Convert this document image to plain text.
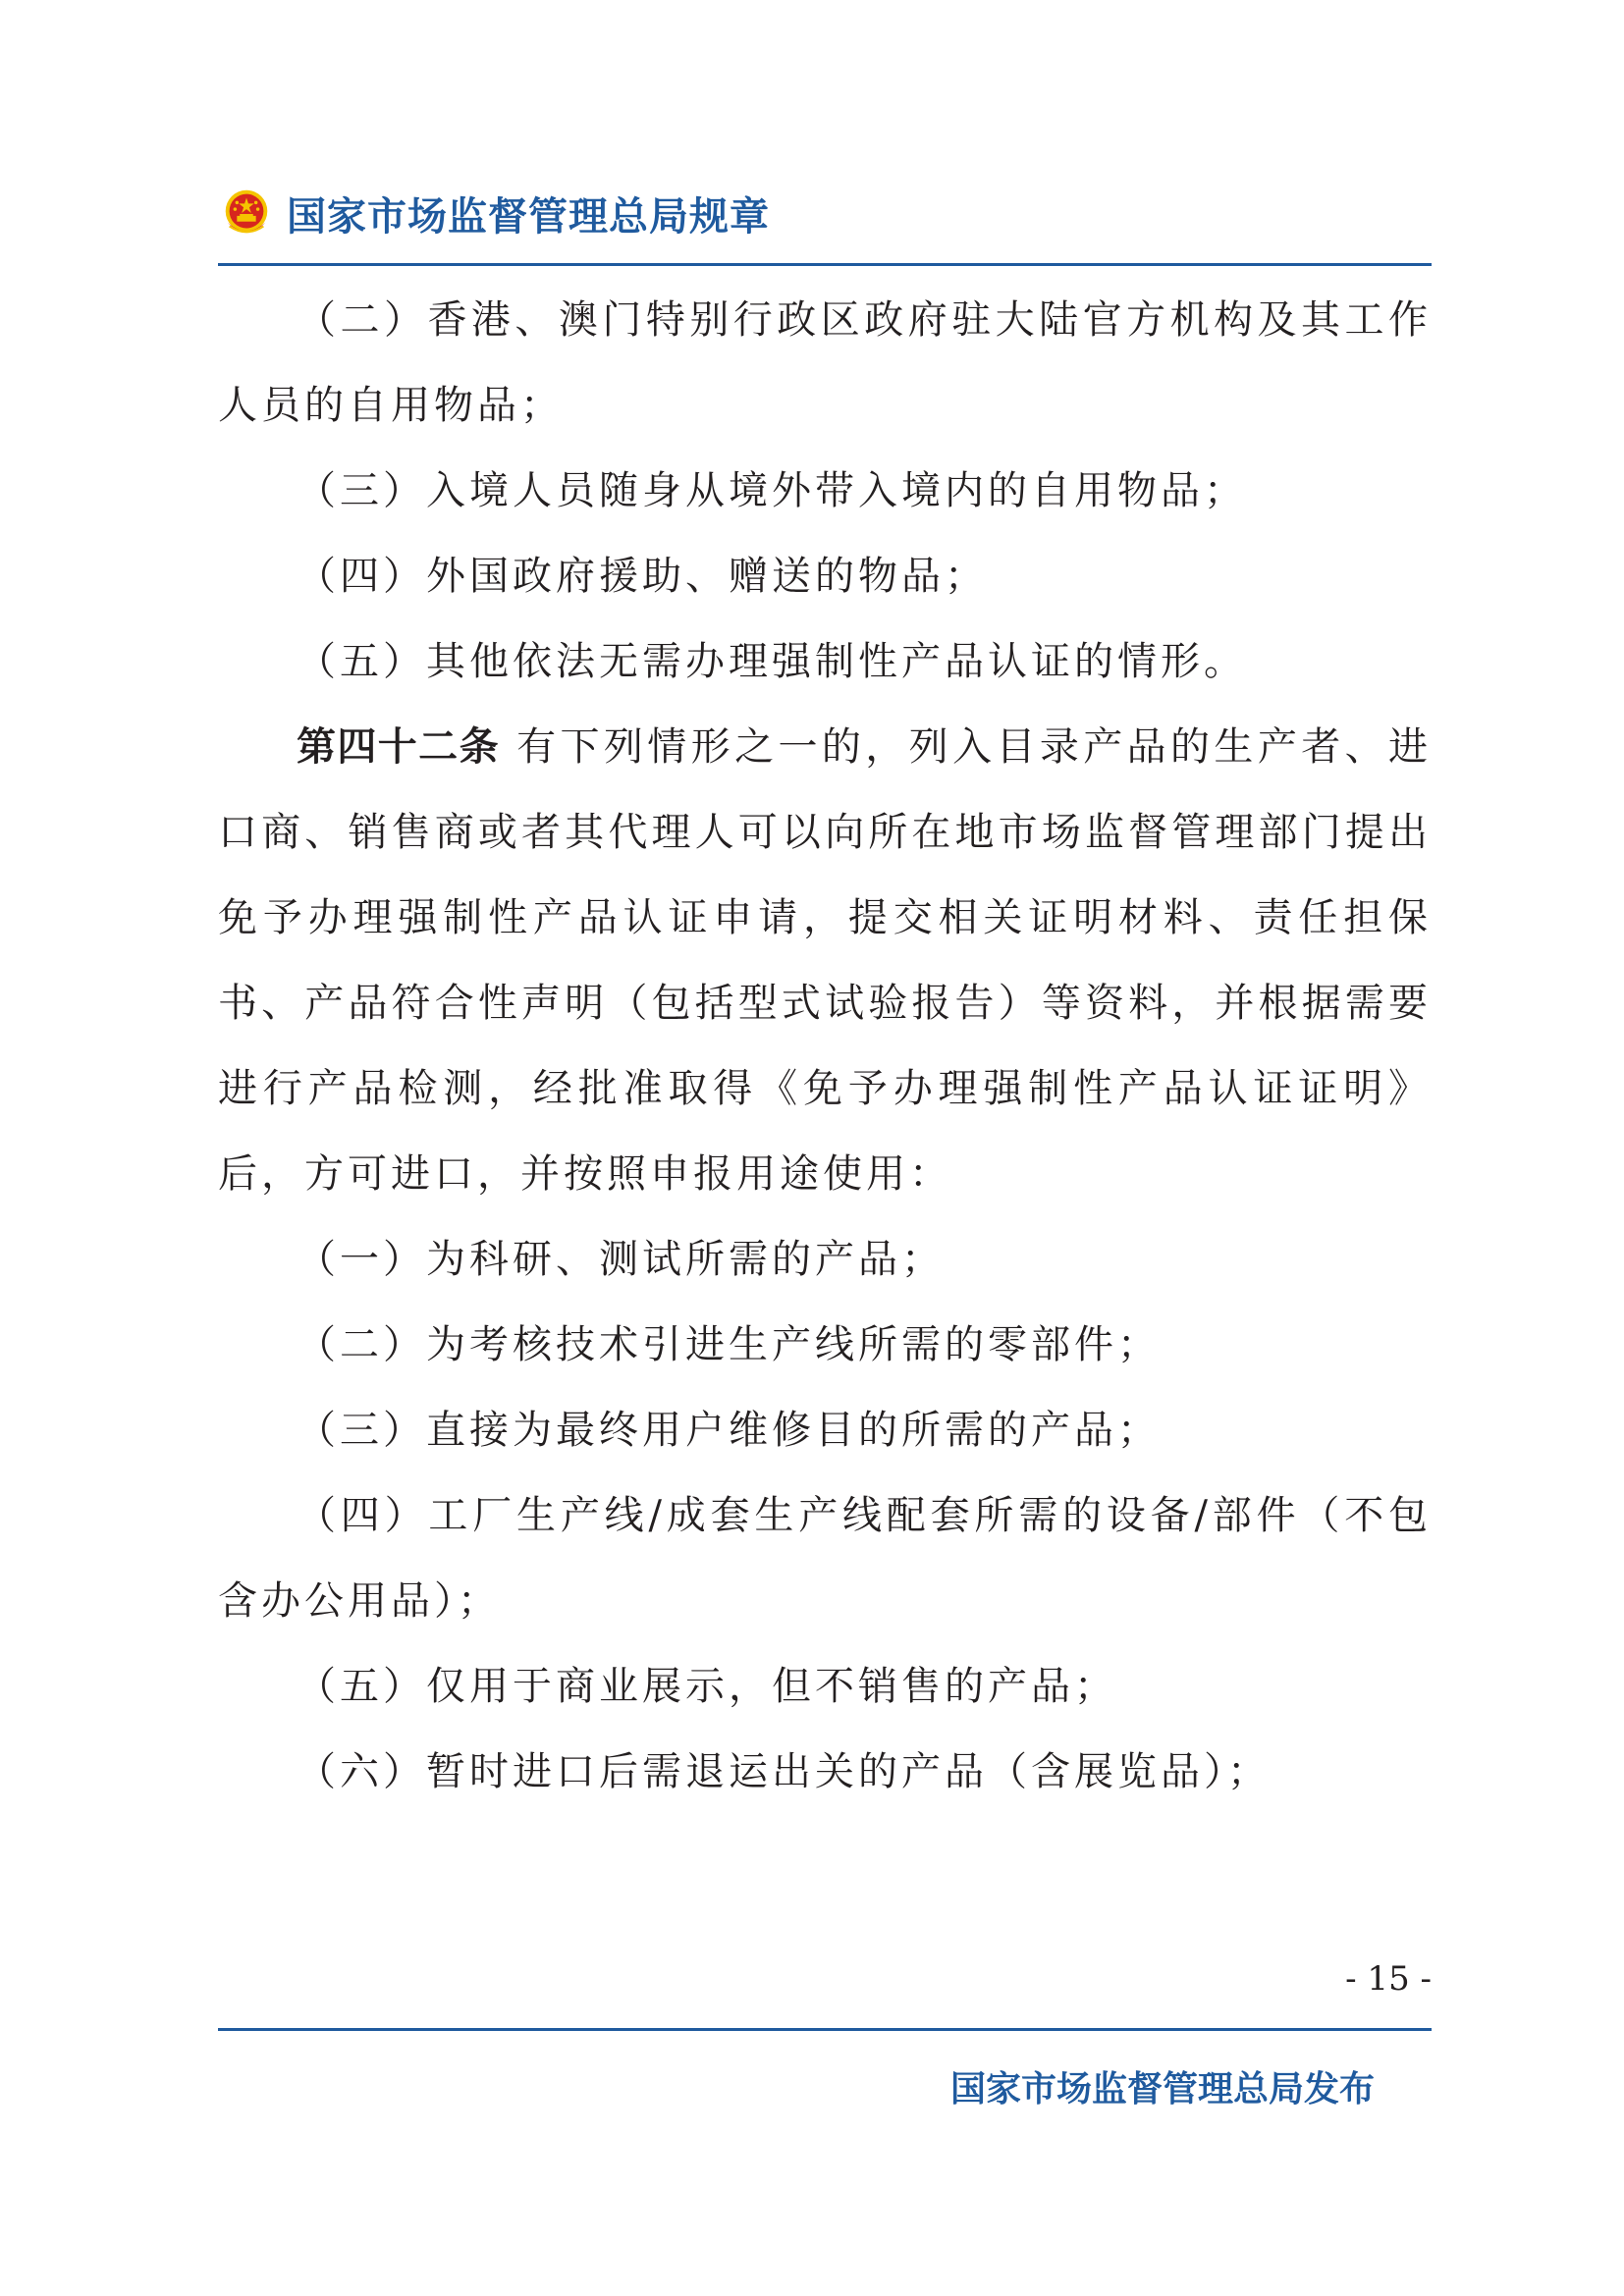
国家市场监督管理总局规章

（二）香港、澳门特别行政区政府驻大陆官方机构及其工作人员的自用物品；

（三）入境人员随身从境外带入境内的自用物品；

（四）外国政府援助、赠送的物品；

（五）其他依法无需办理强制性产品认证的情形。

第四十二条 有下列情形之一的，列入目录产品的生产者、进口商、销售商或者其代理人可以向所在地市场监督管理部门提出免予办理强制性产品认证申请，提交相关证明材料、责任担保书、产品符合性声明（包括型式试验报告）等资料，并根据需要进行产品检测，经批准取得《免予办理强制性产品认证证明》后，方可进口，并按照申报用途使用：

（一）为科研、测试所需的产品；

（二）为考核技术引进生产线所需的零部件；

（三）直接为最终用户维修目的所需的产品；

（四）工厂生产线/成套生产线配套所需的设备/部件（不包含办公用品）；

（五）仅用于商业展示，但不销售的产品；

（六）暂时进口后需退运出关的产品（含展览品）；

- 15 -
国家市场监督管理总局发布
